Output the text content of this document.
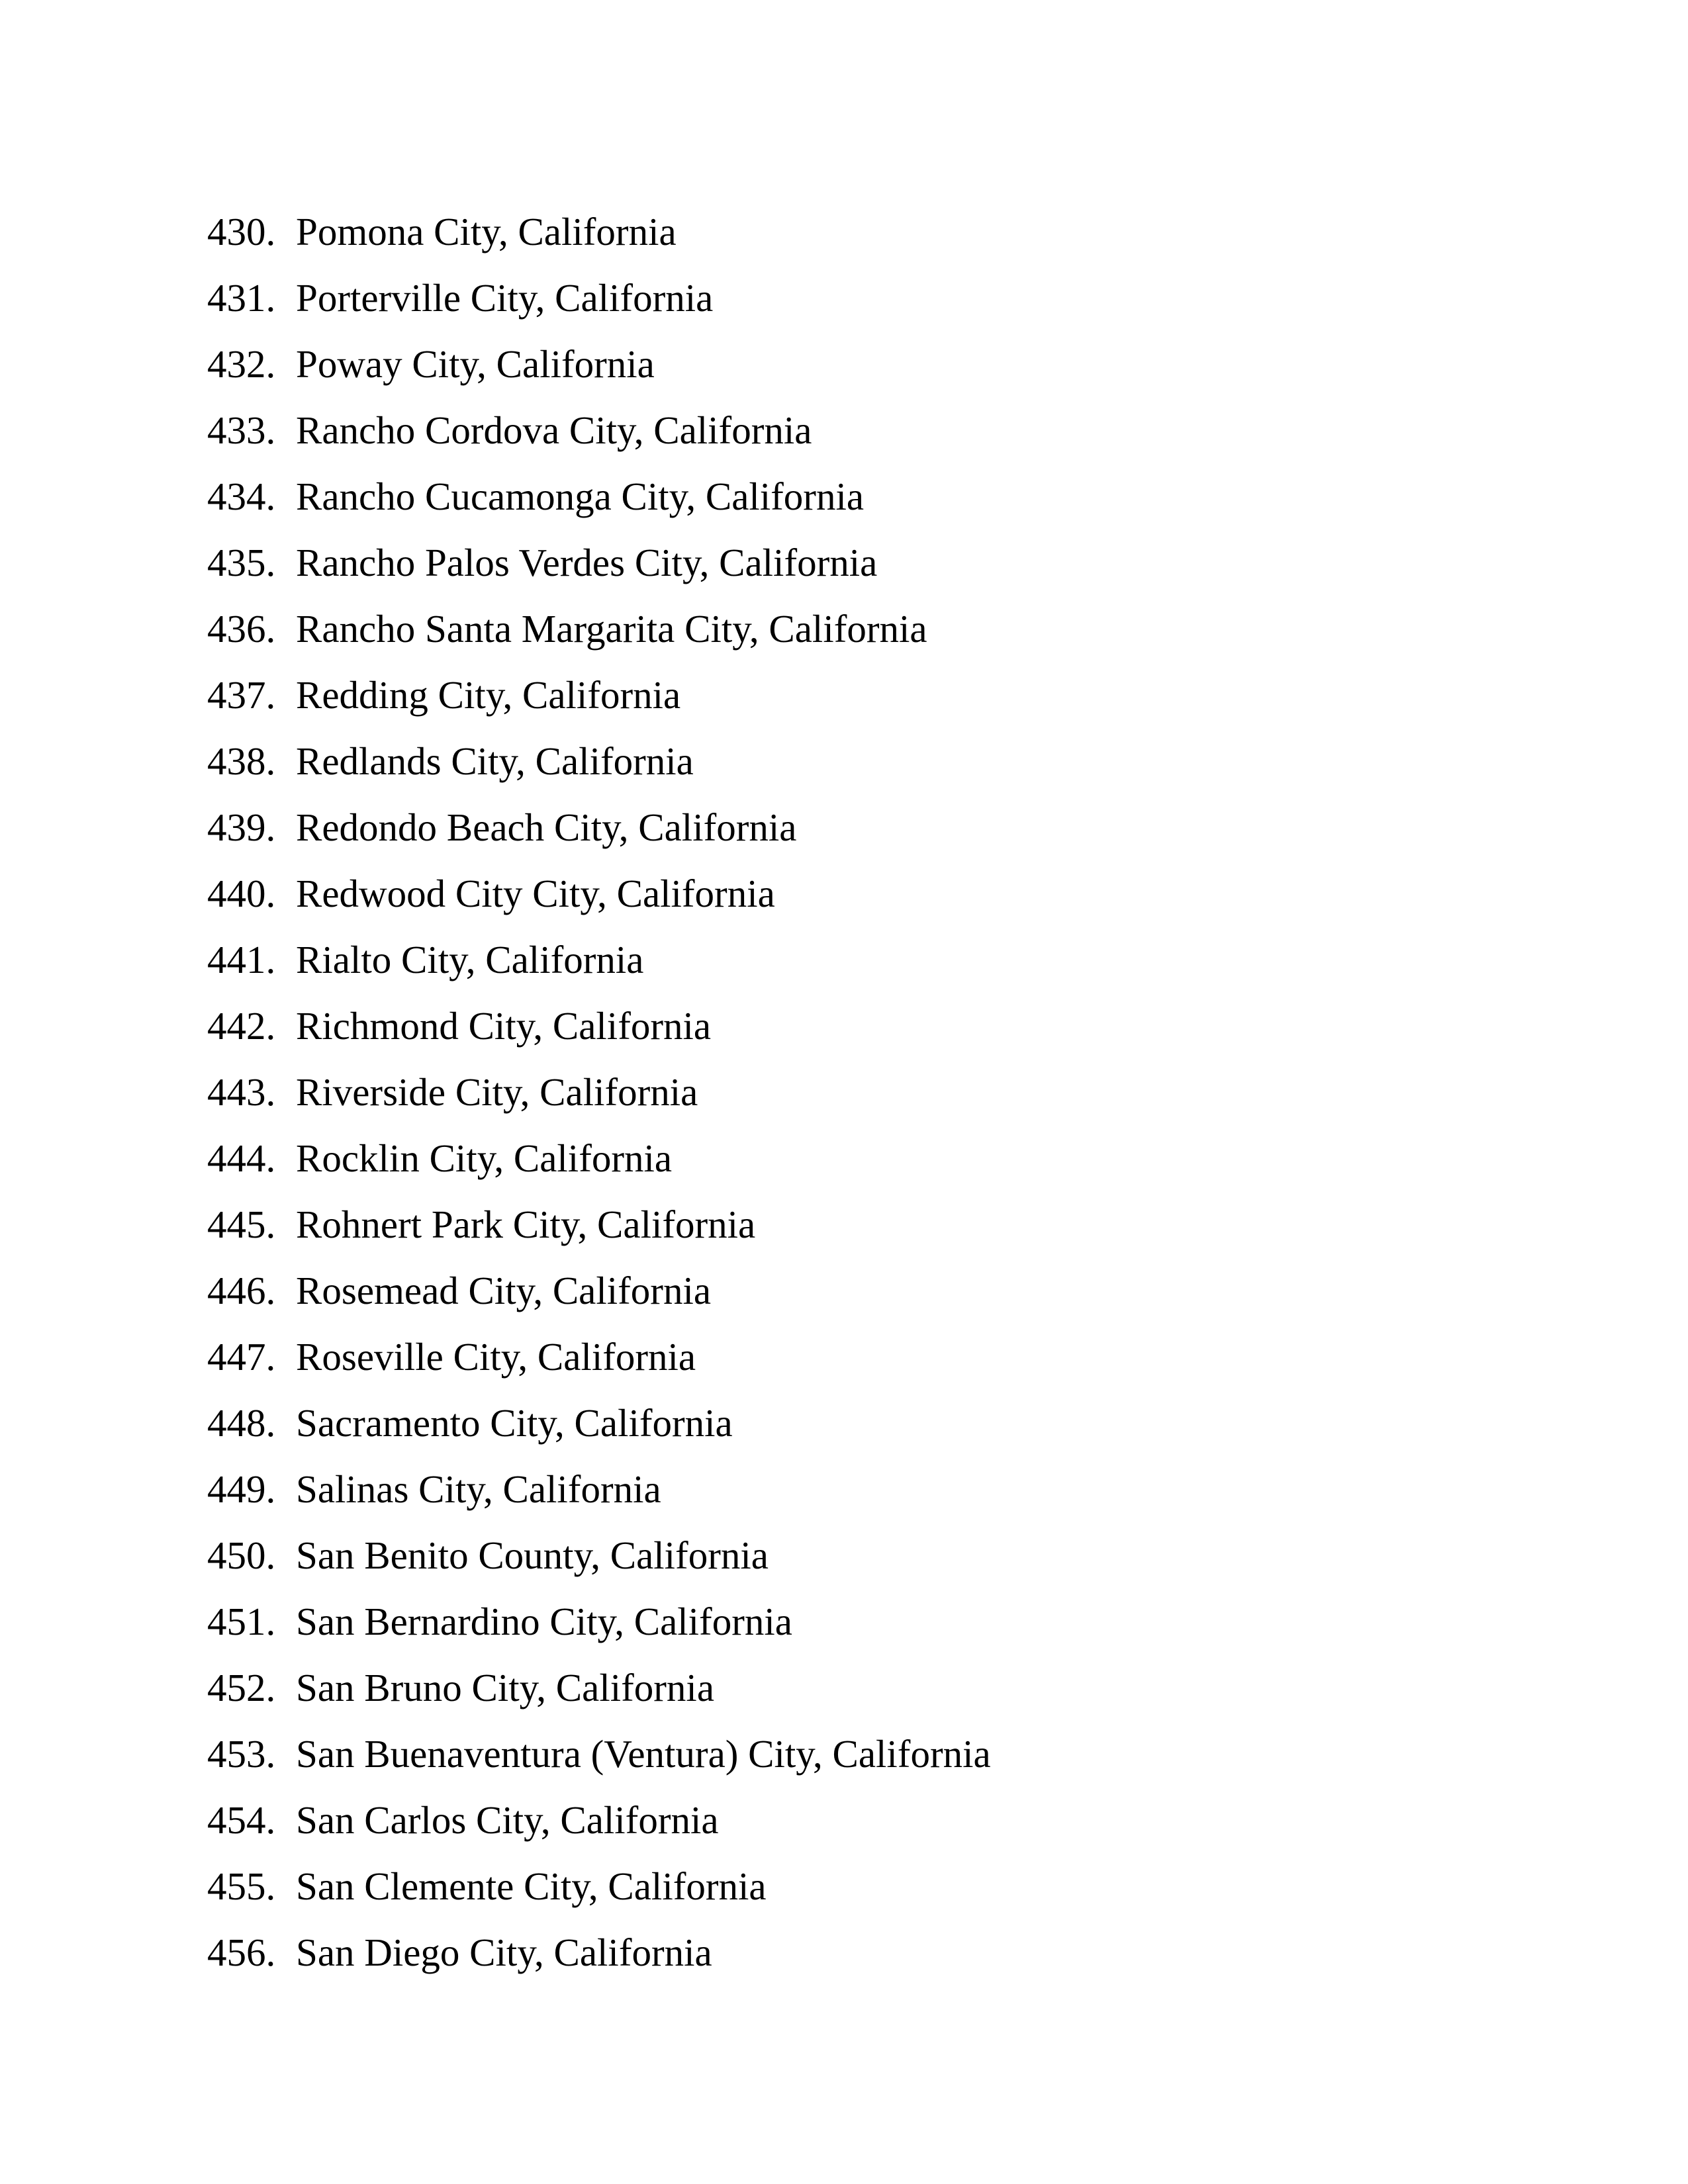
430. Pomona City, California
431. Porterville City, California
432. Poway City, California
433. Rancho Cordova City, California
434. Rancho Cucamonga City, California
435. Rancho Palos Verdes City, California
436. Rancho Santa Margarita City, California
437. Redding City, California
438. Redlands City, California
439. Redondo Beach City, California
440. Redwood City City, California
441. Rialto City, California
442. Richmond City, California
443. Riverside City, California
444. Rocklin City, California
445. Rohnert Park City, California
446. Rosemead City, California
447. Roseville City, California
448. Sacramento City, California
449. Salinas City, California
450. San Benito County, California
451. San Bernardino City, California
452. San Bruno City, California
453. San Buenaventura (Ventura) City, California
454. San Carlos City, California
455. San Clemente City, California
456. San Diego City, California
